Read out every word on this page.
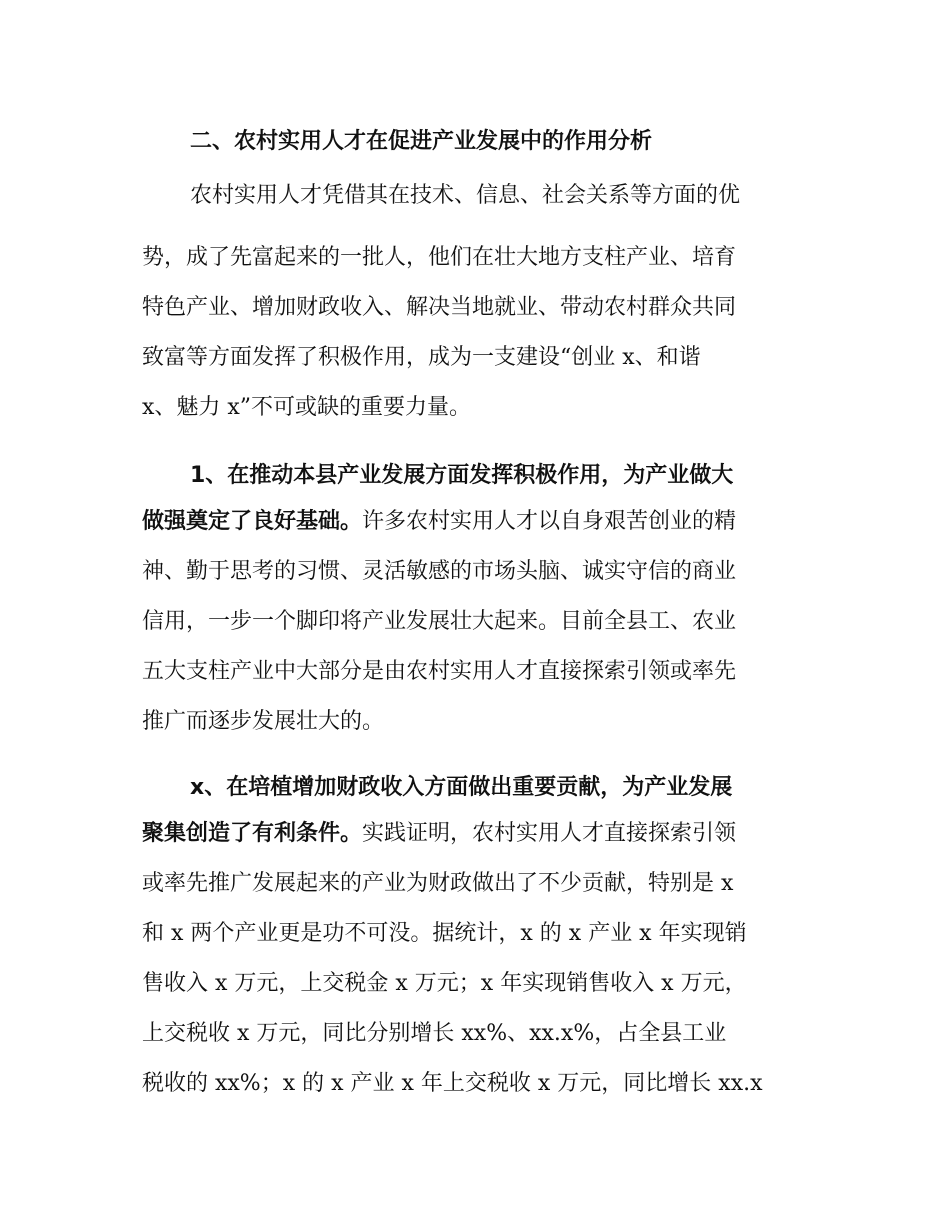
二、农村实用人才在促进产业发展中的作用分析
农村实用人才凭借其在技术、信息、社会关系等方面的优
势，成了先富起来的一批人，他们在壮大地方支柱产业、培育
特色产业、增加财政收入、解决当地就业、带动农村群众共同
致富等方面发挥了积极作用，成为一支建设“创业 x、和谐
x、魅力 x”不可或缺的重要力量。
1、在推动本县产业发展方面发挥积极作用，为产业做大
做强奠定了良好基础。许多农村实用人才以自身艰苦创业的精
神、勤于思考的习惯、灵活敏感的市场头脑、诚实守信的商业
信用，一步一个脚印将产业发展壮大起来。目前全县工、农业
五大支柱产业中大部分是由农村实用人才直接探索引领或率先
推广而逐步发展壮大的。
x、在培植增加财政收入方面做出重要贡献，为产业发展
聚集创造了有利条件。实践证明，农村实用人才直接探索引领
或率先推广发展起来的产业为财政做出了不少贡献，特别是 x
和 x 两个产业更是功不可没。据统计，x 的 x 产业 x 年实现销
售收入 x 万元，上交税金 x 万元；x 年实现销售收入 x 万元，
上交税收 x 万元，同比分别增长 xx%、xx.x%，占全县工业
税收的 xx%；x 的 x 产业 x 年上交税收 x 万元，同比增长 xx.x
